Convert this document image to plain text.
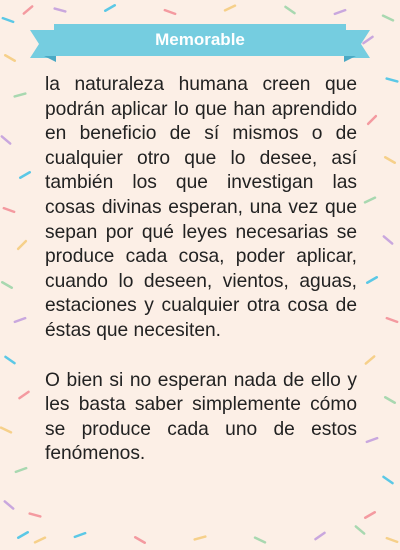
Memorable

la naturaleza humana creen que podrán aplicar lo que han aprendido en beneficio de sí mismos o de cualquier otro que lo desee, así también los que investigan las cosas divinas esperan, una vez que sepan por qué leyes necesarias se produce cada cosa, poder aplicar, cuando lo deseen, vientos, aguas, estaciones y cualquier otra cosa de éstas que necesiten.

O bien si no esperan nada de ello y les basta saber simplemente cómo se produce cada uno de estos fenómenos.
